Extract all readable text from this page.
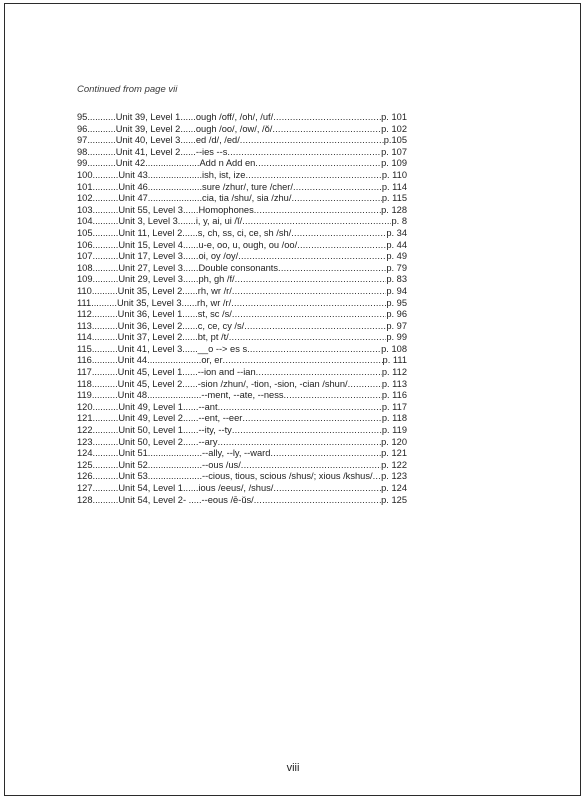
Continued from page vii
95...........Unit 39, Level 1......ough /off/, /oh/, /uf/ .....	p. 101
96...........Unit 39, Level 2......ough /oo/, /ow/, /ŏ/ .....	p. 102
97...........Unit 40, Level 3......ed /d/, /ed/ .....	p.105
98...........Unit 41, Level 2......--ies --s .....	p. 107
99...........Unit 42.....................Add n Add en .....	p. 109
100..........Unit 43.....................ish, ist, ize .....	p. 110
101..........Unit 46.....................sure /zhur/, ture /cher/ .....	p. 114
102..........Unit 47.....................cia, tia /shu/, sia /zhu/ .....	p. 115
103..........Unit 55, Level 3......Homophones .....	p. 128
104..........Unit 3, Level 3.......i, y, ai, ui /ĭ/ .....	p. 8
105..........Unit 11, Level 2......s, ch, ss, ci, ce, sh /sh/ .....	p. 34
106..........Unit 15, Level 4......u-e, oo, u, ough, ou /oo/ .....	p. 44
107..........Unit 17, Level 3......oi, oy /oy/ .....	p. 49
108..........Unit 27, Level 3......Double consonants .....	p. 79
109..........Unit 29, Level 3......ph, gh /f/ .....	p. 83
110..........Unit 35, Level 2......rh, wr /r/ .....	p. 94
111..........Unit 35, Level 3......rh, wr /r/ .....	p. 95
112..........Unit 36, Level 1......st, sc /s/ .....	p. 96
113..........Unit 36, Level 2......c, ce, cy /s/ .....	p. 97
114..........Unit 37, Level 2......bt, pt /t/ .....	p. 99
115..........Unit 41, Level 3......__o --> es s .....	p. 108
116..........Unit 44.....................or, er .....	p. 111
117..........Unit 45, Level 1......--ion and --ian .....	p. 112
118..........Unit 45, Level 2......-sion /zhun/, -tion, -sion, -cian /shun/ .....	p. 113
119..........Unit 48.....................--ment, --ate, --ness .....	p. 116
120..........Unit 49, Level 1......--ant .....	p. 117
121..........Unit 49, Level 2......--ent, --eer .....	p. 118
122..........Unit 50, Level 1......--ity, --ty .....	p. 119
123..........Unit 50, Level 2......--ary .....	p. 120
124..........Unit 51.....................--ally, --ly, --ward .....	p. 121
125..........Unit 52.....................--ous /us/ .....	p. 122
126..........Unit 53.....................--cious, tious, scious /shus/; xious /kshus/ ..... p. 123
127..........Unit 54, Level 1......ious /eeus/, /shus/ .....	p. 124
128..........Unit 54, Level 2- .....--eous /ē-ŭs/ .....	p. 125
viii
